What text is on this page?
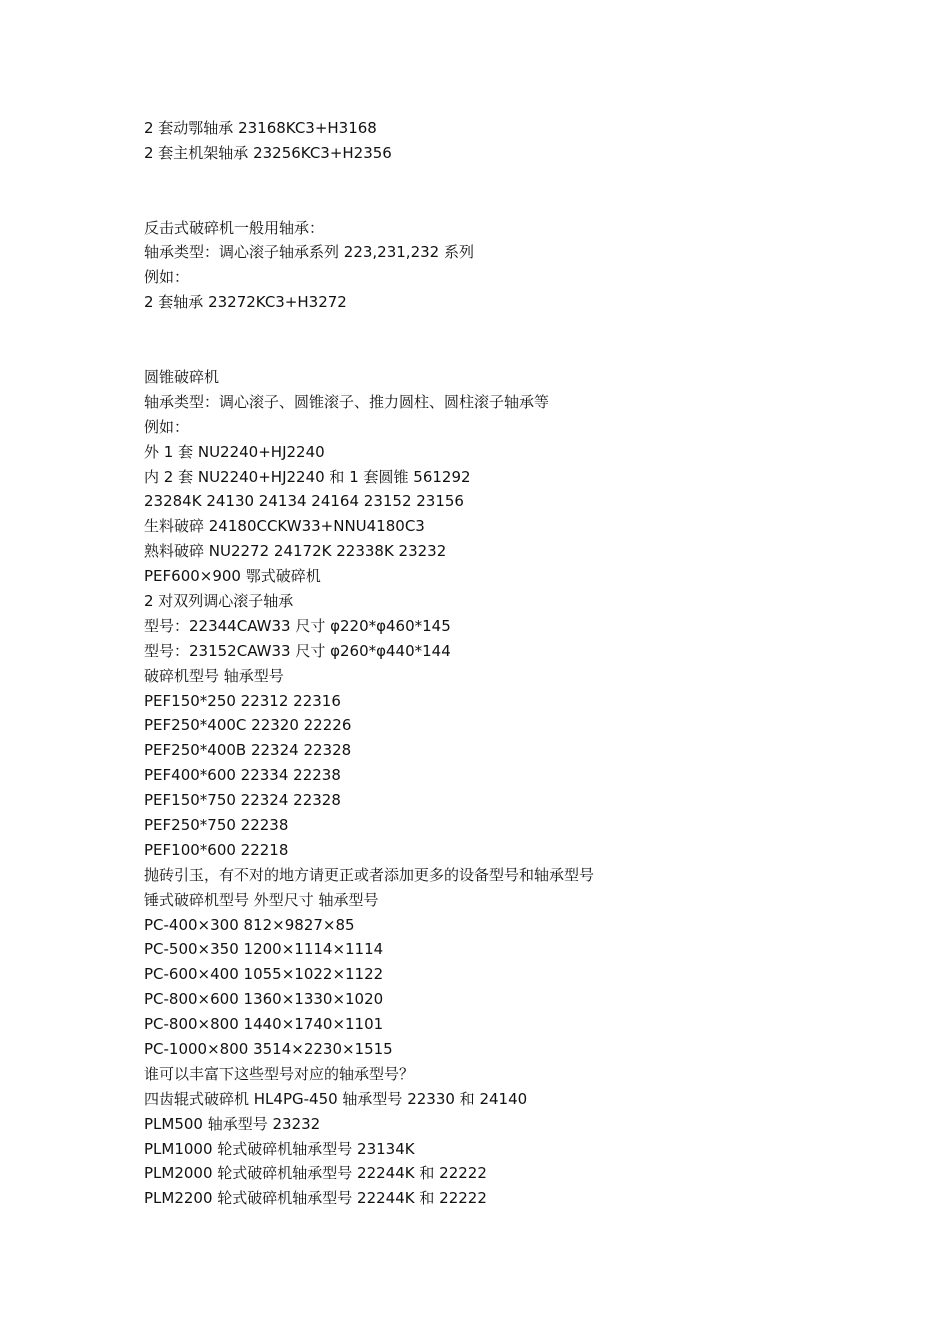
2 套动鄂轴承 23168KC3+H3168
2 套主机架轴承 23256KC3+H2356
反击式破碎机一般用轴承：
轴承类型：调心滚子轴承系列 223,231,232 系列
例如：
2 套轴承 23272KC3+H3272
圆锥破碎机
轴承类型：调心滚子、圆锥滚子、推力圆柱、圆柱滚子轴承等
例如：
外 1 套 NU2240+HJ2240
内 2 套 NU2240+HJ2240 和 1 套圆锥 561292
23284K 24130 24134 24164 23152 23156
生料破碎 24180CCKW33+NNU4180C3
熟料破碎 NU2272 24172K 22338K 23232
PEF600×900 鄂式破碎机
2 对双列调心滚子轴承
型号：22344CAW33 尺寸 φ220*φ460*145
型号：23152CAW33 尺寸 φ260*φ440*144
破碎机型号 轴承型号
PEF150*250 22312 22316
PEF250*400C 22320 22226
PEF250*400B 22324 22328
PEF400*600 22334 22238
PEF150*750 22324 22328
PEF250*750 22238
PEF100*600 22218
抛砖引玉，有不对的地方请更正或者添加更多的设备型号和轴承型号
锤式破碎机型号 外型尺寸 轴承型号
PC-400×300 812×9827×85
PC-500×350 1200×1114×1114
PC-600×400 1055×1022×1122
PC-800×600 1360×1330×1020
PC-800×800 1440×1740×1101
PC-1000×800 3514×2230×1515
谁可以丰富下这些型号对应的轴承型号？
四齿辊式破碎机 HL4PG-450 轴承型号 22330 和 24140
PLM500 轴承型号 23232
PLM1000 轮式破碎机轴承型号 23134K
PLM2000 轮式破碎机轴承型号 22244K 和 22222
PLM2200 轮式破碎机轴承型号 22244K 和 22222
